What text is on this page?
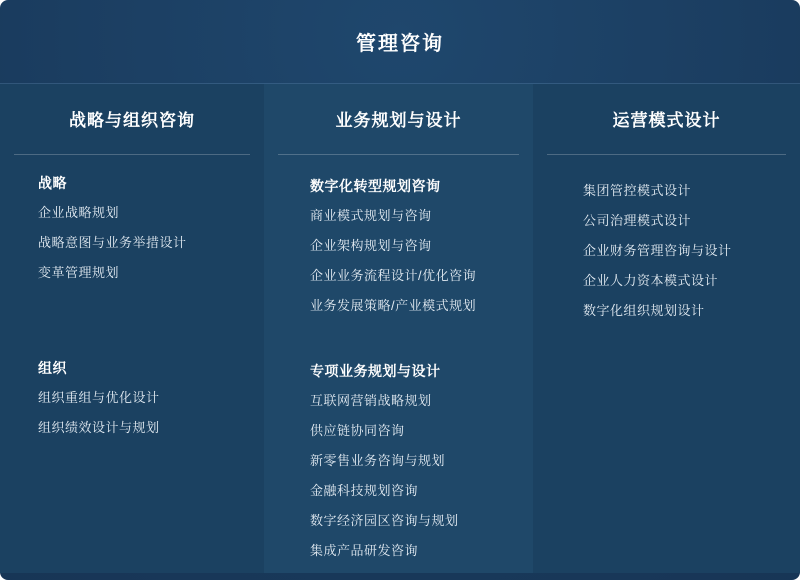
管理咨询
战略与组织咨询
战略
企业战略规划
战略意图与业务举措设计
变革管理规划
组织
组织重组与优化设计
组织绩效设计与规划
业务规划与设计
数字化转型规划咨询
商业模式规划与咨询
企业架构规划与咨询
企业业务流程设计/优化咨询
业务发展策略/产业模式规划
专项业务规划与设计
互联网营销战略规划
供应链协同咨询
新零售业务咨询与规划
金融科技规划咨询
数字经济园区咨询与规划
集成产品研发咨询
运营模式设计
集团管控模式设计
公司治理模式设计
企业财务管理咨询与设计
企业人力资本模式设计
数字化组织规划设计
